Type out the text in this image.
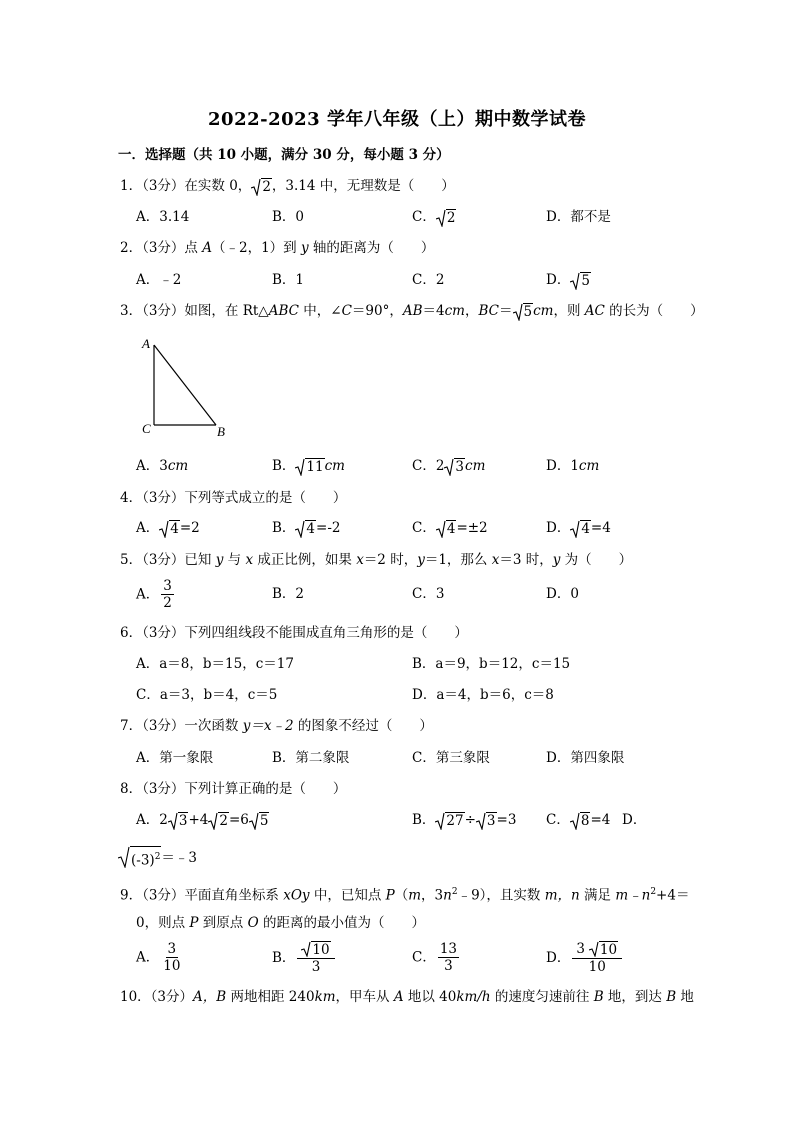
2022-2023 学年八年级（上）期中数学试卷
一．选择题（共 10 小题，满分 30 分，每小题 3 分）
1．（3分）在实数 0， 2 ，3.14 中，无理数是（　　）
A．3.14	B．0	C． 2	D．都不是
2．（3分）点 A（﹣2，1）到 y 轴的距离为（　　）
A．﹣2	B．1	C．2	D． 5
3．（3分）如图，在 Rt△ABC 中，∠C＝90°，AB＝4cm，BC＝ 5 cm，则 AC 的长为（　　）
A
C	B
A．3cm	B． 11 cm	C．2 3 cm	D．1cm
4．（3分）下列等式成立的是（　　）
A． 4 =2	B． 4 =-2	C． 4 =±2	D． 4 =4
5．（3分）已知 y 与 x 成正比例，如果 x＝2 时，y＝1，那么 x＝3 时，y 为（　　）
A． $\frac{3}{2}$	B．2	C．3	D．0
6．（3分）下列四组线段不能围成直角三角形的是（　　）
A．a＝8，b＝15，c＝17	B．a＝9，b＝12，c＝15
C．a＝3，b＝4，c＝5	D．a＝4，b＝6，c＝8
7．（3分）一次函数 y＝x﹣2 的图象不经过（　　）
A．第一象限	B．第二象限	C．第三象限	D．第四象限
8．（3分）下列计算正确的是（　　）
A．2 3 +4 2 =6 5	B． 27 ÷ 3 =3 C． 8 =4 D．
$(-3)^2$ ＝﹣3
9．（3分）平面直角坐标系 xOy 中，已知点 P（m，$3n^2﹣9$），且实数 m，n 满足 $m﹣n^2+4=$
0，则点 P 到原点 O 的距离的最小值为（　　）
A． $\frac{3}{10}$	B． $\frac{10}{3}$	C． $\frac{13}{3}$	D． $\frac{3 10}{10}$
10．（3分）A，B 两地相距 240km，甲车从 A 地以 40km/h 的速度匀速前往 B 地，到达 B 地
